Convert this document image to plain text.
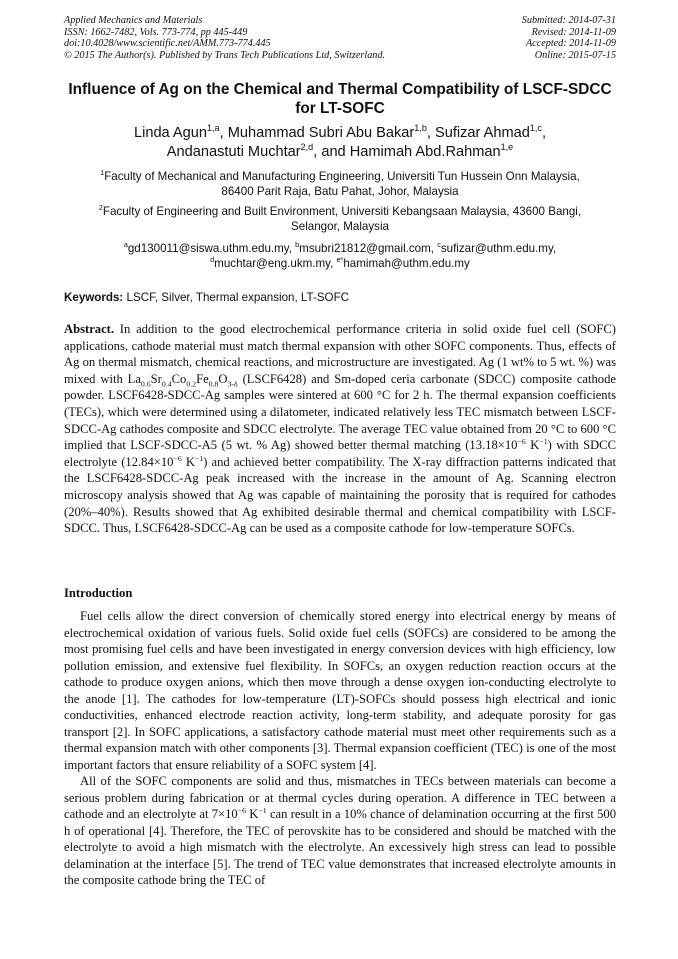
Applied Mechanics and Materials
ISSN: 1662-7482, Vols. 773-774, pp 445-449
doi:10.4028/www.scientific.net/AMM.773-774.445
© 2015 The Author(s). Published by Trans Tech Publications Ltd, Switzerland.
Submitted: 2014-07-31
Revised: 2014-11-09
Accepted: 2014-11-09
Online: 2015-07-15
Influence of Ag on the Chemical and Thermal Compatibility of LSCF-SDCC for LT-SOFC
Linda Agun$^{1,a}$, Muhammad Subri Abu Bakar$^{1,b}$, Sufizar Ahmad$^{1,c}$,
Andanastuti Muchtar$^{2,d}$, and Hamimah Abd.Rahman$^{1,e}$
$^1$Faculty of Mechanical and Manufacturing Engineering, Universiti Tun Hussein Onn Malaysia,
86400 Parit Raja, Batu Pahat, Johor, Malaysia
$^2$Faculty of Engineering and Built Environment, Universiti Kebangsaan Malaysia, 43600 Bangi,
Selangor, Malaysia
$^a$gd130011@siswa.uthm.edu.my, $^b$msubri21812@gmail.com, $^c$sufizar@uthm.edu.my,
$^d$muchtar@eng.ukm.my, $^{e*}$hamimah@uthm.edu.my
Keywords: LSCF, Silver, Thermal expansion, LT-SOFC
Abstract. In addition to the good electrochemical performance criteria in solid oxide fuel cell (SOFC) applications, cathode material must match thermal expansion with other SOFC components. Thus, effects of Ag on thermal mismatch, chemical reactions, and microstructure are investigated. Ag (1 wt% to 5 wt. %) was mixed with $La_{0.6}Sr_{0.4}Co_{0.2}Fe_{0.8}O_{3-\delta}$ (LSCF6428) and Sm-doped ceria carbonate (SDCC) composite cathode powder. LSCF6428-SDCC-Ag samples were sintered at 600 °C for 2 h. The thermal expansion coefficients (TECs), which were determined using a dilatometer, indicated relatively less TEC mismatch between LSCF-SDCC-Ag cathodes composite and SDCC electrolyte. The average TEC value obtained from 20 °C to 600 °C implied that LSCF-SDCC-A5 (5 wt. % Ag) showed better thermal matching ($13.18\times 10^{-6}$ $K^{-1}$) with SDCC electrolyte ($12.84\times 10^{-6}$ $K^{-1}$) and achieved better compatibility. The X-ray diffraction patterns indicated that the LSCF6428-SDCC-Ag peak increased with the increase in the amount of Ag. Scanning electron microscopy analysis showed that Ag was capable of maintaining the porosity that is required for cathodes (20%–40%). Results showed that Ag exhibited desirable thermal and chemical compatibility with LSCF-SDCC. Thus, LSCF6428-SDCC-Ag can be used as a composite cathode for low-temperature SOFCs.
Introduction

Fuel cells allow the direct conversion of chemically stored energy into electrical energy by means of electrochemical oxidation of various fuels. Solid oxide fuel cells (SOFCs) are considered to be among the most promising fuel cells and have been investigated in energy conversion devices with high efficiency, low pollution emission, and extensive fuel flexibility. In SOFCs, an oxygen reduction reaction occurs at the cathode to produce oxygen anions, which then move through a dense oxygen ion-conducting electrolyte to the anode [1]. The cathodes for low-temperature (LT)-SOFCs should possess high electrical and ionic conductivities, enhanced electrode reaction activity, long-term stability, and adequate porosity for gas transport [2]. In SOFC applications, a satisfactory cathode material must meet other requirements such as a thermal expansion match with other components [3]. Thermal expansion coefficient (TEC) is one of the most important factors that ensure reliability of a SOFC system [4].

All of the SOFC components are solid and thus, mismatches in TECs between materials can become a serious problem during fabrication or at thermal cycles during operation. A difference in TEC between a cathode and an electrolyte at $7\times 10^{-6}$ $K^{-1}$ can result in a 10% chance of delamination occurring at the first 500 h of operational [4]. Therefore, the TEC of perovskite has to be considered and should be matched with the electrolyte to avoid a high mismatch with the electrolyte. An excessively high stress can lead to possible delamination at the interface [5]. The trend of TEC value demonstrates that increased electrolyte amounts in the composite cathode bring the TEC of
